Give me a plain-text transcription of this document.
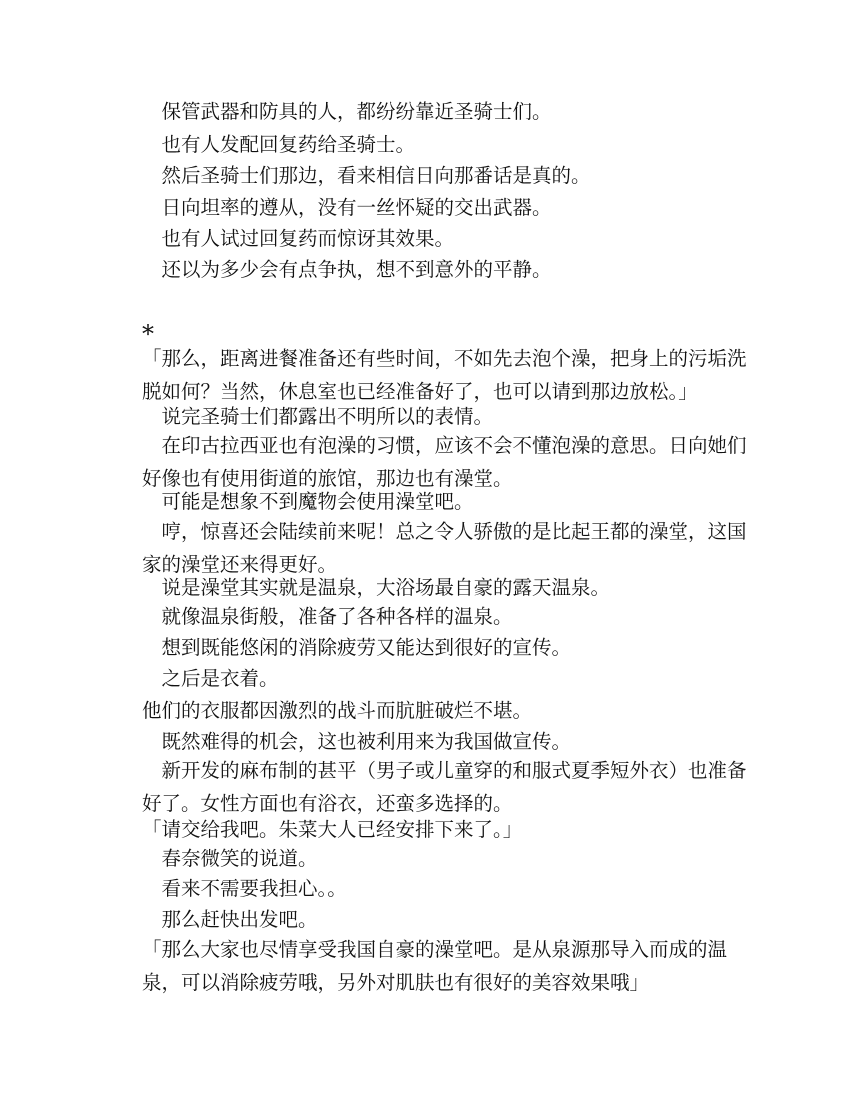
　保管武器和防具的人，都纷纷靠近圣骑士们。

　也有人发配回复药给圣骑士。

　然后圣骑士们那边，看来相信日向那番话是真的。

　日向坦率的遵从，没有一丝怀疑的交出武器。

　也有人试过回复药而惊讶其效果。

　还以为多少会有点争执，想不到意外的平静。

*

「那么，距离进餐准备还有些时间，不如先去泡个澡，把身上的污垢洗脱如何？当然，休息室也已经准备好了，也可以请到那边放松。」

　说完圣骑士们都露出不明所以的表情。

　在印古拉西亚也有泡澡的习惯，应该不会不懂泡澡的意思。日向她们好像也有使用街道的旅馆，那边也有澡堂。

　可能是想象不到魔物会使用澡堂吧。

　哼，惊喜还会陆续前来呢！总之令人骄傲的是比起王都的澡堂，这国家的澡堂还来得更好。

　说是澡堂其实就是温泉，大浴场最自豪的露天温泉。

　就像温泉街般，准备了各种各样的温泉。

　想到既能悠闲的消除疲劳又能达到很好的宣传。

　之后是衣着。

他们的衣服都因激烈的战斗而肮脏破烂不堪。

　既然难得的机会，这也被利用来为我国做宣传。

　新开发的麻布制的甚平（男子或儿童穿的和服式夏季短外衣）也准备好了。女性方面也有浴衣，还蛮多选择的。

「请交给我吧。朱菜大人已经安排下来了。」

　春奈微笑的说道。

　看来不需要我担心。。

　那么赶快出发吧。

「那么大家也尽情享受我国自豪的澡堂吧。是从泉源那导入而成的温泉，可以消除疲劳哦，另外对肌肤也有很好的美容效果哦」
